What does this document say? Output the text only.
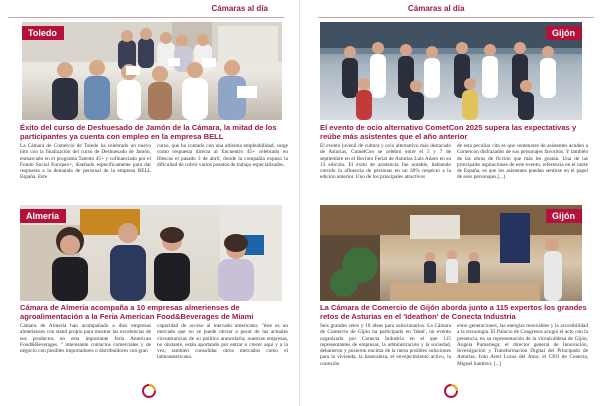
Cámaras al día
Toledo
Éxito del curso de Deshuesado de Jamón de la Cámara, la mitad de los participantes ya cuenta con empleo en la empresa BELL

La Cámara de Comercio de Toledo ha celebrado un nuevo hito con la finalización del curso de Deshuesado de Jamón, enmarcado en el programa Talento 45+ y cofinanciado por el Fondo Social Europeo+, diseñado específicamente para dar respuesta a la demanda de personal de la empresa BELL España. Este

curso, que ha contado con una altísima empleabilidad, surge como respuesta directa al Encuentro 45+ celebrado en Illescas el pasado 3 de abril, donde la compañía expuso la dificultad de cubrir varios puestos de trabajo especializados.

Almería
Cámara de Almería acompaña a 10 empresas almerienses de agroalimentación a la Feria American Food&Beverages de Miami

Cámara de Almería han acompañado a diez empresas almerienses con stand propio para mostrar las excelencias de sus productos en esta importante feria American Food&Beverages. " interesante contactos comerciales y de negocio con posibles importadores o distribuidores con gran

capacidad de acceso al mercado americano; "éste es un mercado que no se puede obviar a pesar de las actuales circunstancias de su política arancelaria; nuestras empresas, no obstante, están aportando por entrar o crecer aquí y a la vez, también consolidar otros mercados como el latinoamericano.

Cámaras al día
Gijón
El evento de ocio alternativo CometCon 2025 supera las expectativas y reúbe más asistentes que el año anterior

El evento juvenil de cultura y ocio alternativo más destacado de Asturias, CometCon se celebró entre el 5 y 7 de septiembre en el Recinto Ferial de Asturias Luis Adaro en su 13 edición. El éxito de asistencia fue notable, habiendo crecido la afluencia de personas en un 30% respecto a la edición anterior. Uno de los principales atractivos

de esta peculiar cita es que centenares de asistentes acuden a Cometcon disfrazados de sus personajes favoritos. Y también de las obras de ficción que más les gustan. Una de las principales aspiraciones de este evento, referencia en el norte de España, es que los asistentes puedan sentirse en el papel de esos personajes.[...]

Gijón
La Cámara de Comercio de Gijón aborda junto a 115 expertos los grandes retos de Asturias en el 'Ideathon' de Conecta Industria

Seis grandes retos y 18 ideas para solucionarlos. La Cámara de Comercio de Gijón ha participado en 'Ideal', un evento organizado por Conecta Industria en el que 115 representantes de empresas, la administración y la sociedad, debatieron y pusieron encima de la mesa posibles soluciones para la vivienda, la basuraleza, el envejecimiento activo, la conexión

entre generaciones, las energías renovables y la accesibilidad a la tecnología. El Palacio de Congresos acogió el acto con la presencia, en su representación de la vicealcaldesa de Gijón, Ángela Pumariega; el director general de Innovación, Investigación y Transformación Digital del Principado de Asturias, Iván Aitor Lucas del Amo; el CEO de Conecta, Miguel Santirso; [...]
